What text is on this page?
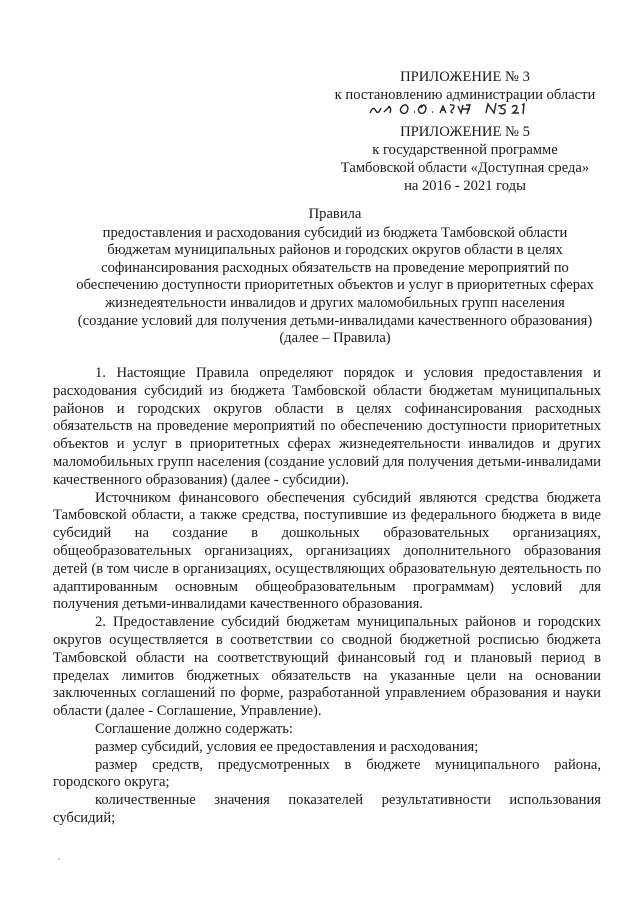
ПРИЛОЖЕНИЕ № 3
к постановлению администрации области
ПРИЛОЖЕНИЕ № 5
к государственной программе
Тамбовской области «Доступная среда»
на 2016 - 2021 годы
Правила
предоставления и расходования субсидий из бюджета Тамбовской области
бюджетам муниципальных районов и городских округов области в целях
софинансирования расходных обязательств на проведение мероприятий по
обеспечению доступности приоритетных объектов и услуг в приоритетных сферах
жизнедеятельности инвалидов и других маломобильных групп населения
(создание условий для получения детьми-инвалидами качественного образования)
(далее – Правила)

1. Настоящие Правила определяют порядок и условия предоставления и расходования субсидий из бюджета Тамбовской области бюджетам муниципальных районов и городских округов области в целях софинансирования расходных обязательств на проведение мероприятий по обеспечению доступности приоритетных объектов и услуг в приоритетных сферах жизнедеятельности инвалидов и других маломобильных групп населения (создание условий для получения детьми-инвалидами качественного образования) (далее - субсидии).

Источником финансового обеспечения субсидий являются средства бюджета Тамбовской области, а также средства, поступившие из федерального бюджета в виде субсидий на создание в дошкольных образовательных организациях, общеобразовательных организациях, организациях дополнительного образования детей (в том числе в организациях, осуществляющих образовательную деятельность по адаптированным основным общеобразовательным программам) условий для получения детьми-инвалидами качественного образования.

2. Предоставление субсидий бюджетам муниципальных районов и городских округов осуществляется в соответствии со сводной бюджетной росписью бюджета Тамбовской области на соответствующий финансовый год и плановый период в пределах лимитов бюджетных обязательств на указанные цели на основании заключенных соглашений по форме, разработанной управлением образования и науки области (далее - Соглашение, Управление).

Соглашение должно содержать:

размер субсидий, условия ее предоставления и расходования;

размер средств, предусмотренных в бюджете муниципального района, городского округа;

количественные значения показателей результативности использования субсидий;
